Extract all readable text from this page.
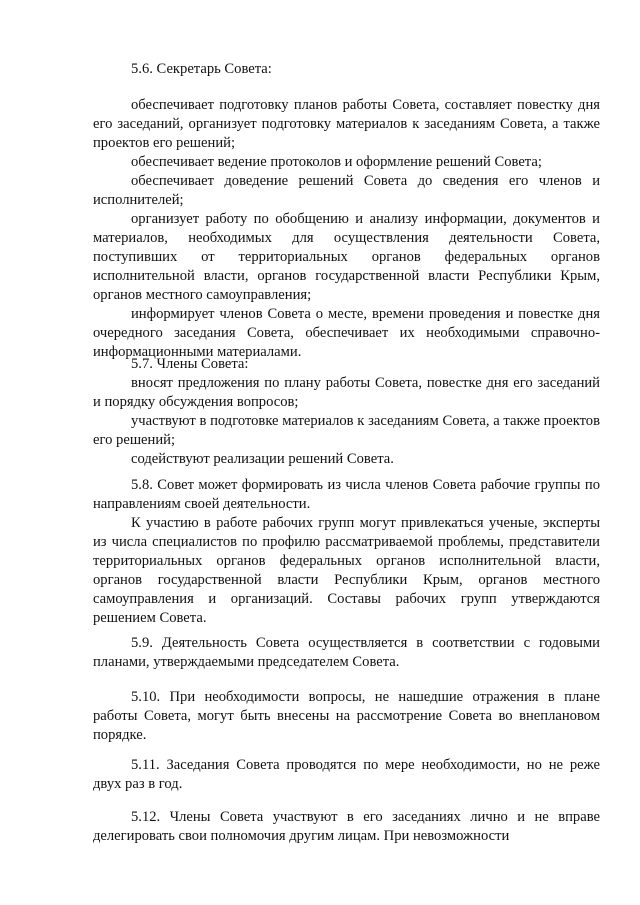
5.6. Секретарь Совета:

обеспечивает подготовку планов работы Совета, составляет повестку дня его заседаний, организует подготовку материалов к заседаниям Совета, а также проектов его решений;

обеспечивает ведение протоколов и оформление решений Совета;

обеспечивает доведение решений Совета до сведения его членов и исполнителей;

организует работу по обобщению и анализу информации, документов и материалов, необходимых для осуществления деятельности Совета, поступивших от территориальных органов федеральных органов исполнительной власти, органов государственной власти Республики Крым, органов местного самоуправления;

информирует членов Совета о месте, времени проведения и повестке дня очередного заседания Совета, обеспечивает их необходимыми справочно-информационными материалами.

5.7. Члены Совета:

вносят предложения по плану работы Совета, повестке дня его заседаний и порядку обсуждения вопросов;

участвуют в подготовке материалов к заседаниям Совета, а также проектов его решений;

содействуют реализации решений Совета.

5.8. Совет может формировать из числа членов Совета рабочие группы по направлениям своей деятельности.

К участию в работе рабочих групп могут привлекаться ученые, эксперты из числа специалистов по профилю рассматриваемой проблемы, представители территориальных органов федеральных органов исполнительной власти, органов государственной власти Республики Крым, органов местного самоуправления и организаций. Составы рабочих групп утверждаются решением Совета.

5.9. Деятельность Совета осуществляется в соответствии с годовыми планами, утверждаемыми председателем Совета.

5.10. При необходимости вопросы, не нашедшие отражения в плане работы Совета, могут быть внесены на рассмотрение Совета во внеплановом порядке.

5.11. Заседания Совета проводятся по мере необходимости, но не реже двух раз в год.

5.12. Члены Совета участвуют в его заседаниях лично и не вправе делегировать свои полномочия другим лицам. При невозможности
